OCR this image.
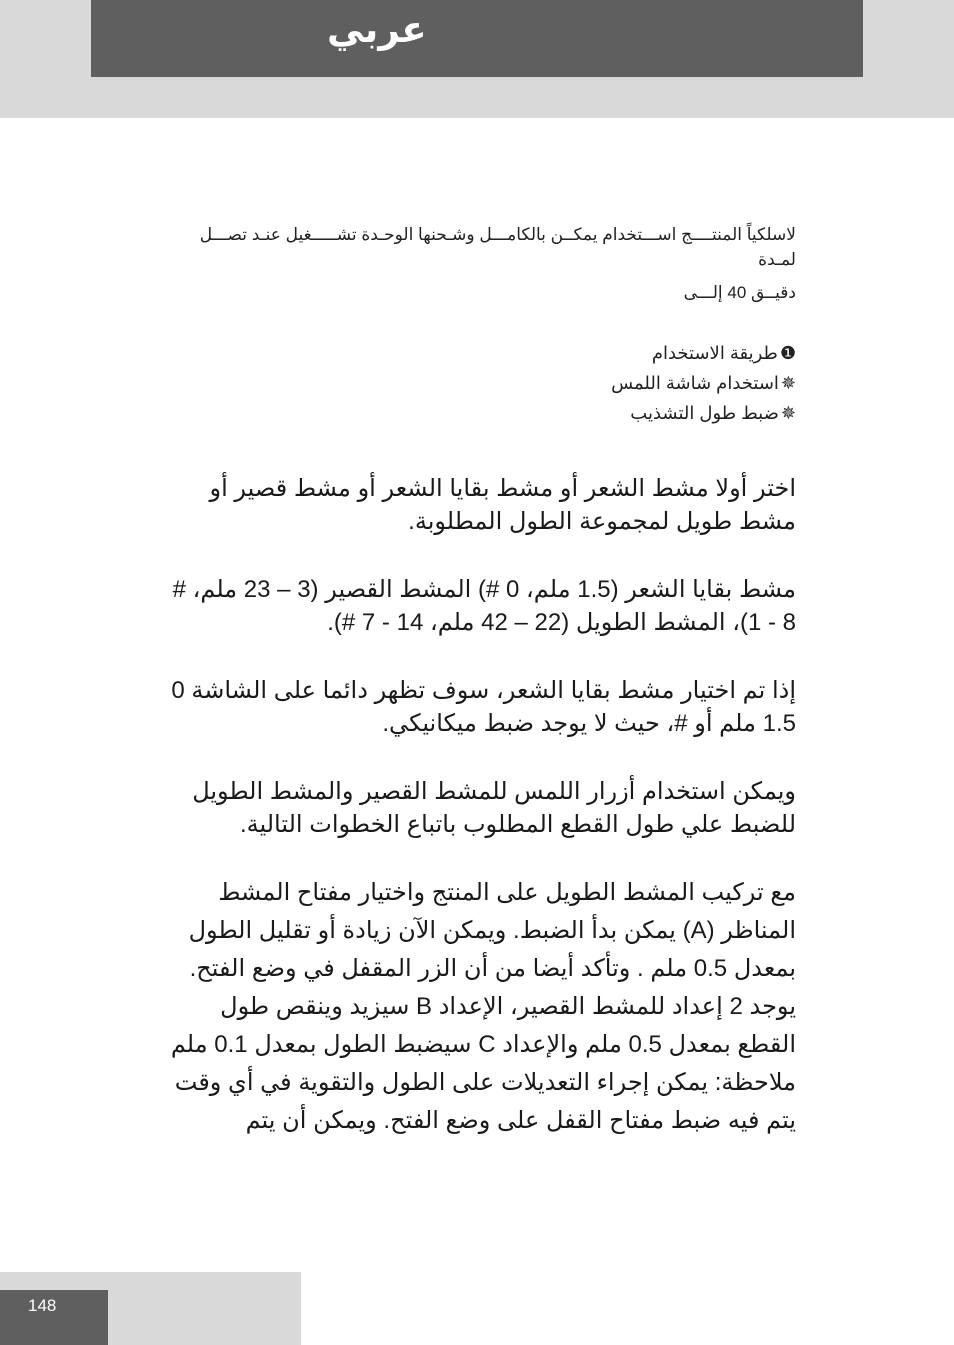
عربي
لاسلكياً المنتــــج اســـتخدام يمكــن بالكامـــل وشـحنها الوحـدة تشـــــغيل عنـد تصـــل لمـدة
دقيــق 40 إلـــى
❶طريقة الاستخدام
✵استخدام شاشة اللمس
✵ضبط طول التشذيب
اختر أولا مشط الشعر أو مشط بقايا الشعر أو مشط قصير أو مشط طويل لمجموعة الطول المطلوبة.
مشط بقايا الشعر (1.5 ملم، 0 #) المشط القصير (3 – 23 ملم، # 8 - 1)، المشط الطويل (22 – 42 ملم، 14 - 7 #).
إذا تم اختيار مشط بقايا الشعر، سوف تظهر دائما على الشاشة 0 1.5 ملم أو #، حيث لا يوجد ضبط ميكانيكي.
ويمكن استخدام أزرار اللمس للمشط القصير والمشط الطويل للضبط علي طول القطع المطلوب باتباع الخطوات التالية.
مع تركيب المشط الطويل على المنتج واختيار مفتاح المشط المناظر (A) يمكن بدأ الضبط. ويمكن الآن زيادة أو تقليل الطول بمعدل 0.5 ملم . وتأكد أيضا من أن الزر المقفل في وضع الفتح. يوجد 2 إعداد للمشط القصير، الإعداد B سيزيد وينقص طول القطع بمعدل 0.5 ملم والإعداد C سيضبط الطول بمعدل 0.1 ملم ملاحظة: يمكن إجراء التعديلات على الطول والتقوية في أي وقت يتم فيه ضبط مفتاح القفل على وضع الفتح. ويمكن أن يتم
148
